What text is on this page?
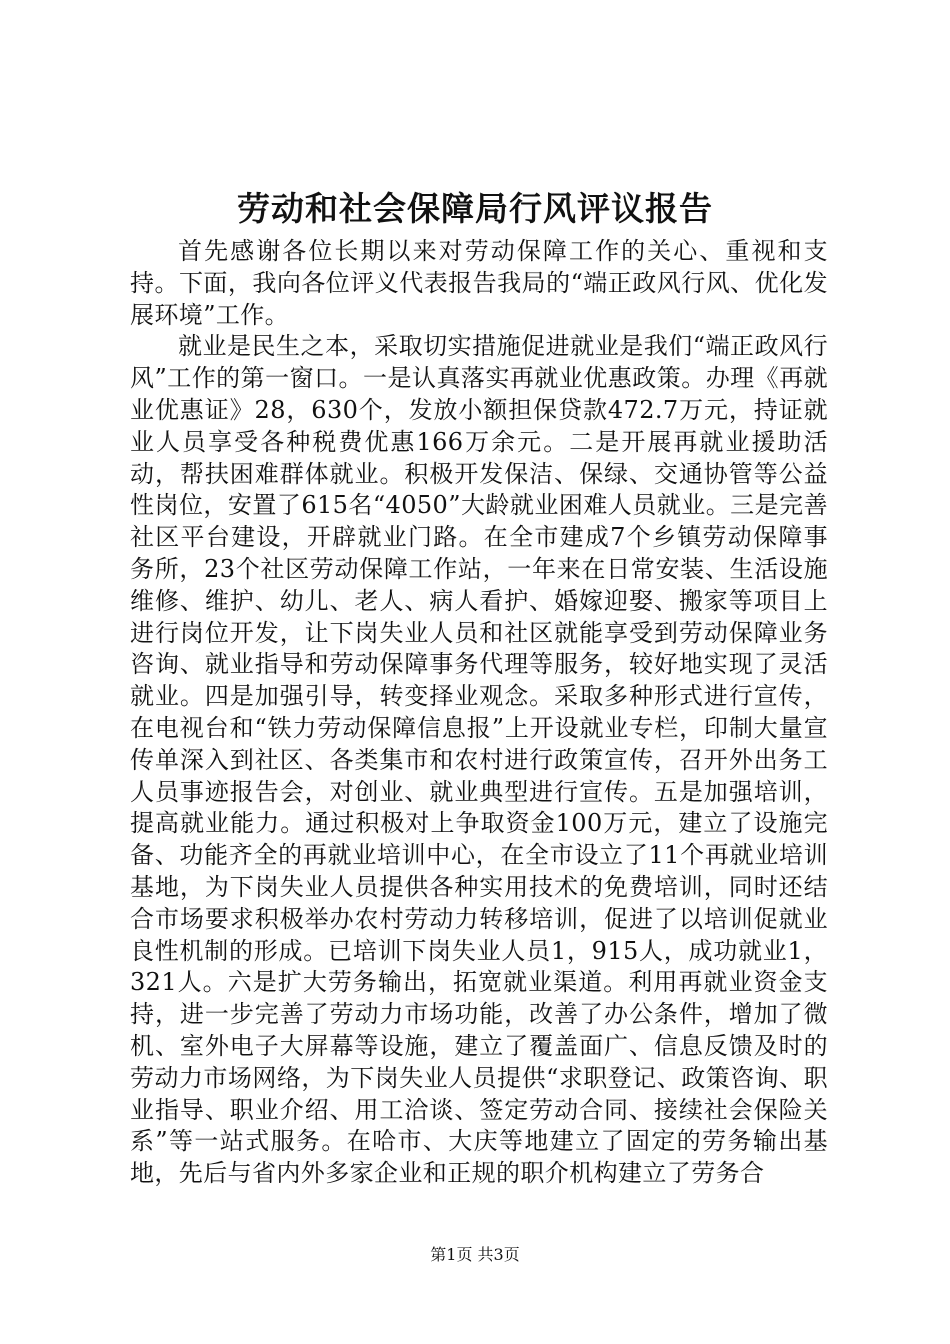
劳动和社会保障局行风评议报告

首先感谢各位长期以来对劳动保障工作的关心、重视和支持。下面，我向各位评义代表报告我局的“端正政风行风、优化发展环境”工作。

就业是民生之本，采取切实措施促进就业是我们“端正政风行风”工作的第一窗口。一是认真落实再就业优惠政策。办理《再就业优惠证》28，630个，发放小额担保贷款472.7万元，持证就业人员享受各种税费优惠166万余元。二是开展再就业援助活动，帮扶困难群体就业。积极开发保洁、保绿、交通协管等公益性岗位，安置了615名“4050”大龄就业困难人员就业。三是完善社区平台建设，开辟就业门路。在全市建成7个乡镇劳动保障事务所，23个社区劳动保障工作站，一年来在日常安装、生活设施维修、维护、幼儿、老人、病人看护、婚嫁迎娶、搬家等项目上进行岗位开发，让下岗失业人员和社区就能享受到劳动保障业务咨询、就业指导和劳动保障事务代理等服务，较好地实现了灵活就业。四是加强引导，转变择业观念。采取多种形式进行宣传，在电视台和“铁力劳动保障信息报”上开设就业专栏，印制大量宣传单深入到社区、各类集市和农村进行政策宣传，召开外出务工人员事迹报告会，对创业、就业典型进行宣传。五是加强培训，提高就业能力。通过积极对上争取资金100万元，建立了设施完备、功能齐全的再就业培训中心，在全市设立了11个再就业培训基地，为下岗失业人员提供各种实用技术的免费培训，同时还结合市场要求积极举办农村劳动力转移培训，促进了以培训促就业良性机制的形成。已培训下岗失业人员1，915人，成功就业1，321人。六是扩大劳务输出，拓宽就业渠道。利用再就业资金支持，进一步完善了劳动力市场功能，改善了办公条件，增加了微机、室外电子大屏幕等设施，建立了覆盖面广、信息反馈及时的劳动力市场网络，为下岗失业人员提供“求职登记、政策咨询、职业指导、职业介绍、用工洽谈、签定劳动合同、接续社会保险关系”等一站式服务。在哈市、大庆等地建立了固定的劳务输出基地，先后与省内外多家企业和正规的职介机构建立了劳务合

第1页 共3页
